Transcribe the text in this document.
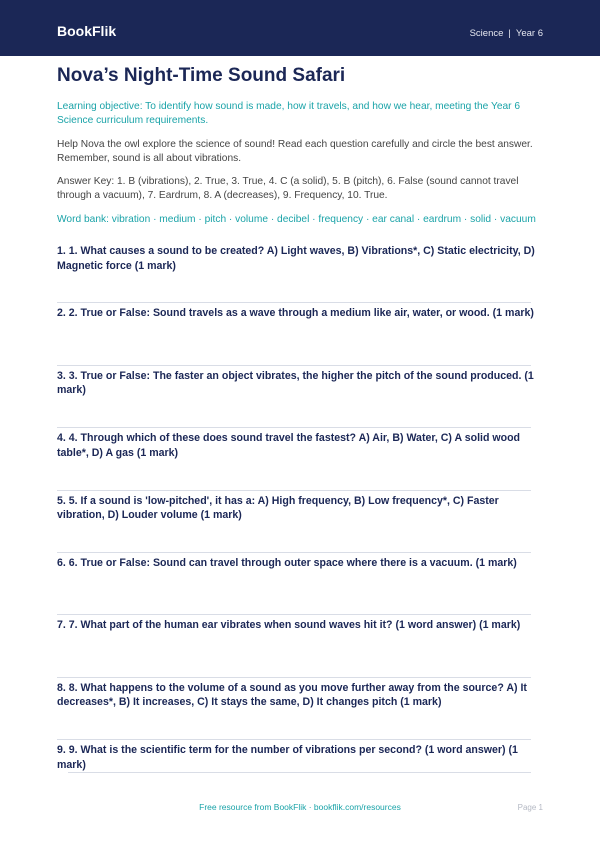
BookFlik	Science | Year 6
Nova’s Night-Time Sound Safari
Learning objective: To identify how sound is made, how it travels, and how we hear, meeting the Year 6 Science curriculum requirements.
Help Nova the owl explore the science of sound! Read each question carefully and circle the best answer. Remember, sound is all about vibrations.
Answer Key: 1. B (vibrations), 2. True, 3. True, 4. C (a solid), 5. B (pitch), 6. False (sound cannot travel through a vacuum), 7. Eardrum, 8. A (decreases), 9. Frequency, 10. True.
Word bank: vibration · medium · pitch · volume · decibel · frequency · ear canal · eardrum · solid · vacuum
1. 1. What causes a sound to be created? A) Light waves, B) Vibrations*, C) Static electricity, D) Magnetic force (1 mark)
2. 2. True or False: Sound travels as a wave through a medium like air, water, or wood. (1 mark)
3. 3. True or False: The faster an object vibrates, the higher the pitch of the sound produced. (1 mark)
4. 4. Through which of these does sound travel the fastest? A) Air, B) Water, C) A solid wood table*, D) A gas (1 mark)
5. 5. If a sound is 'low-pitched', it has a: A) High frequency, B) Low frequency*, C) Faster vibration, D) Louder volume (1 mark)
6. 6. True or False: Sound can travel through outer space where there is a vacuum. (1 mark)
7. 7. What part of the human ear vibrates when sound waves hit it? (1 word answer) (1 mark)
8. 8. What happens to the volume of a sound as you move further away from the source? A) It decreases*, B) It increases, C) It stays the same, D) It changes pitch (1 mark)
9. 9. What is the scientific term for the number of vibrations per second? (1 word answer) (1 mark)
Free resource from BookFlik · bookflik.com/resources	Page 1
